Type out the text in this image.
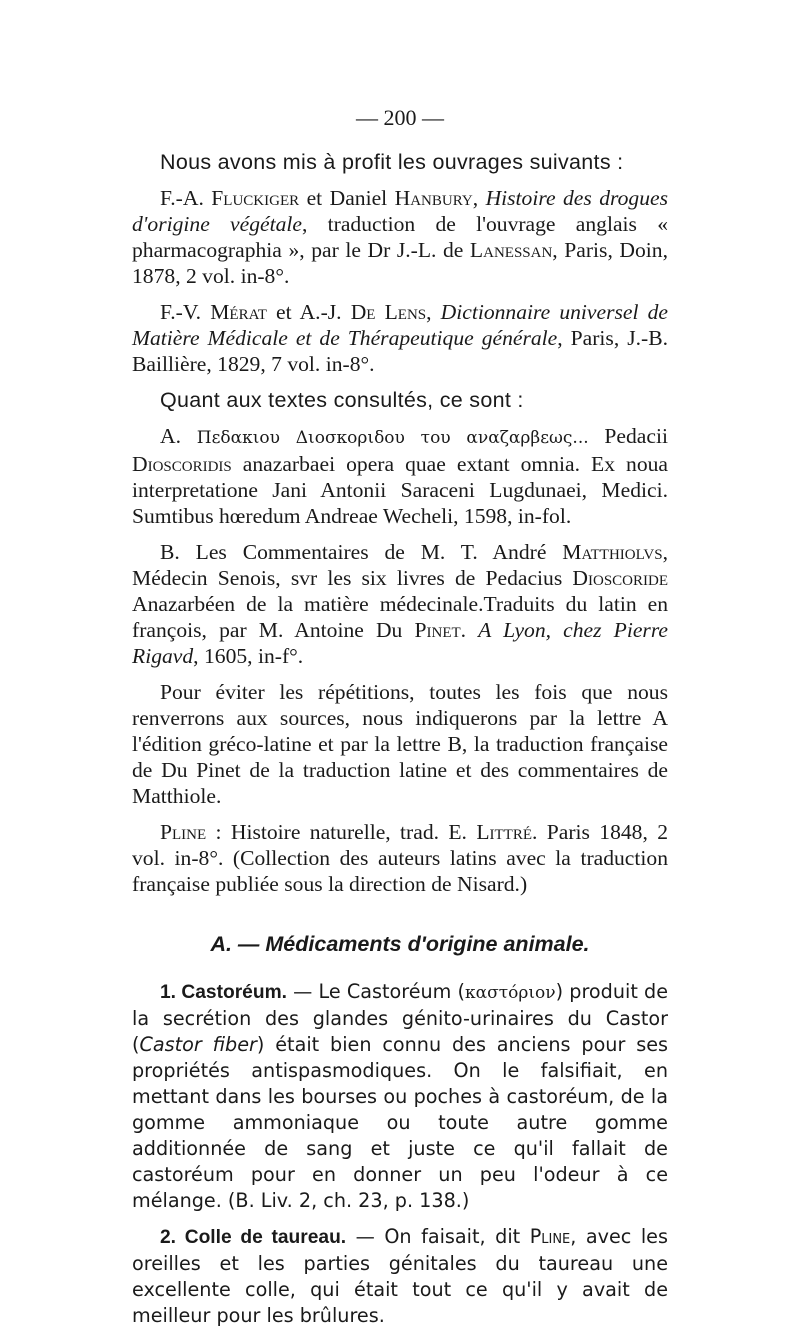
— 200 —

Nous avons mis à profit les ouvrages suivants :

F.-A. Fluckiger et Daniel Hanbury, Histoire des drogues d'origine végétale, traduction de l'ouvrage anglais « pharmacographia », par le Dr J.-L. de Lanessan, Paris, Doin, 1878, 2 vol. in-8°.

F.-V. Mérat et A.-J. De Lens, Dictionnaire universel de Matière Médicale et de Thérapeutique générale, Paris, J.-B. Baillière, 1829, 7 vol. in-8°.

Quant aux textes consultés, ce sont :

A. Πεδακιου Διοσκοριδου του αναζαρβεως... Pedacii Dioscoridis anazarbaei opera quae extant omnia. Ex noua interpretatione Jani Antonii Saraceni Lugdunaei, Medici. Sumtibus hœredum Andreae Wecheli, 1598, in-fol.

B. Les Commentaires de M. T. André Matthiolvs, Médecin Senois, svr les six livres de Pedacius Dioscoride Anazarbéen de la matière médecinale.Traduits du latin en françois, par M. Antoine Du Pinet. A Lyon, chez Pierre Rigavd, 1605, in-f°.

Pour éviter les répétitions, toutes les fois que nous renverrons aux sources, nous indiquerons par la lettre A l'édition gréco-latine et par la lettre B, la traduction française de Du Pinet de la traduction latine et des commentaires de Matthiole.

Pline : Histoire naturelle, trad. E. Littré. Paris 1848, 2 vol. in-8°. (Collection des auteurs latins avec la traduction française publiée sous la direction de Nisard.)

A. — Médicaments d'origine animale.

1. Castoréum. — Le Castoréum (καστόριον) produit de la secrétion des glandes génito-urinaires du Castor (Castor fiber) était bien connu des anciens pour ses propriétés antispasmodiques. On le falsifiait, en mettant dans les bourses ou poches à castoréum, de la gomme ammoniaque ou toute autre gomme additionnée de sang et juste ce qu'il fallait de castoréum pour en donner un peu l'odeur à ce mélange. (B. Liv. 2, ch. 23, p. 138.)

2. Colle de taureau. — On faisait, dit Pline, avec les oreilles et les parties génitales du taureau une excellente colle, qui était tout ce qu'il y avait de meilleur pour les brûlures.
